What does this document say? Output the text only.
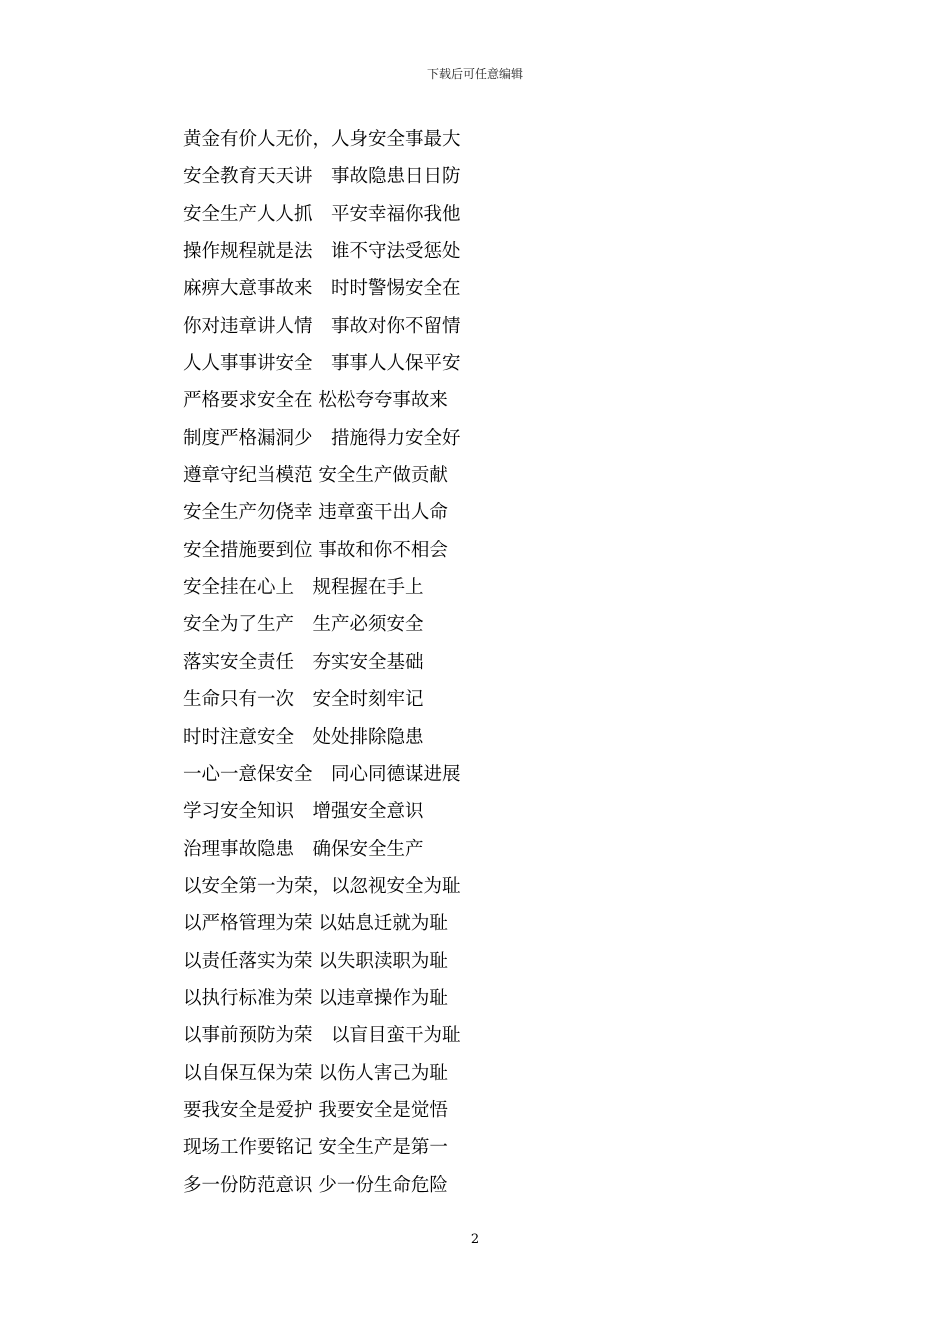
下载后可任意编辑
黄金有价人无价，人身安全事最大
安全教育天天讲　事故隐患日日防
安全生产人人抓　平安幸福你我他
操作规程就是法　谁不守法受惩处
麻痹大意事故来　时时警惕安全在
你对违章讲人情　事故对你不留情
人人事事讲安全　事事人人保平安
严格要求安全在 松松夸夸事故来
制度严格漏洞少　措施得力安全好
遵章守纪当模范 安全生产做贡献
安全生产勿侥幸 违章蛮干出人命
安全措施要到位 事故和你不相会
安全挂在心上　规程握在手上
安全为了生产　生产必须安全
落实安全责任　夯实安全基础
生命只有一次　安全时刻牢记
时时注意安全　处处排除隐患
一心一意保安全　同心同德谋进展
学习安全知识　增强安全意识
治理事故隐患　确保安全生产
以安全第一为荣，以忽视安全为耻
以严格管理为荣 以姑息迁就为耻
以责任落实为荣 以失职渎职为耻
以执行标准为荣 以违章操作为耻
以事前预防为荣　以盲目蛮干为耻
以自保互保为荣 以伤人害己为耻
要我安全是爱护 我要安全是觉悟
现场工作要铭记 安全生产是第一
多一份防范意识 少一份生命危险
2
